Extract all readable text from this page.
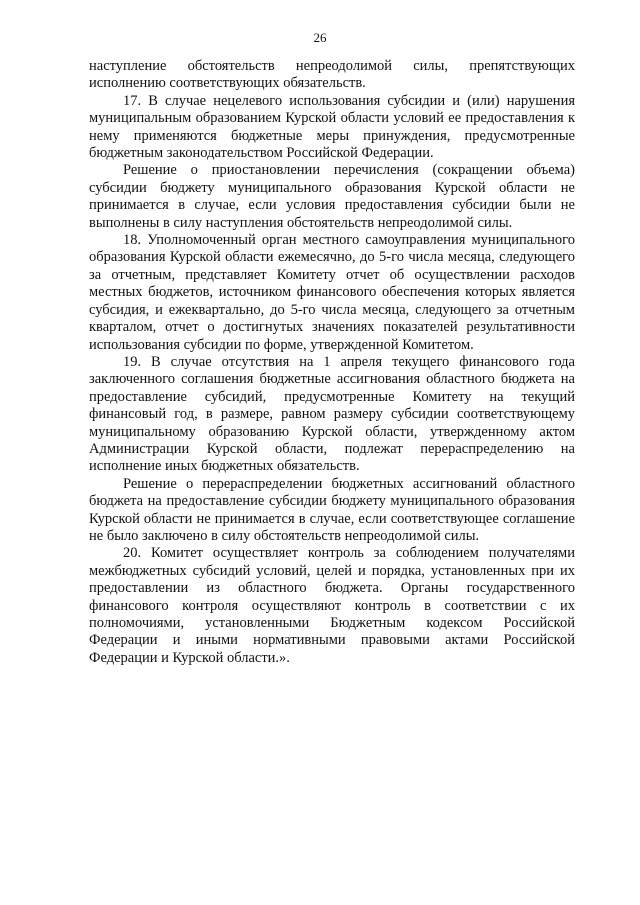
26

наступление обстоятельств непреодолимой силы, препятствующих исполнению соответствующих обязательств.

17. В случае нецелевого использования субсидии и (или) нарушения муниципальным образованием Курской области условий ее предоставления к нему применяются бюджетные меры принуждения, предусмотренные бюджетным законодательством Российской Федерации.

Решение о приостановлении перечисления (сокращении объема) субсидии бюджету муниципального образования Курской области не принимается в случае, если условия предоставления субсидии были не выполнены в силу наступления обстоятельств непреодолимой силы.

18. Уполномоченный орган местного самоуправления муниципального образования Курской области ежемесячно, до 5-го числа месяца, следующего за отчетным, представляет Комитету отчет об осуществлении расходов местных бюджетов, источником финансового обеспечения которых является субсидия, и ежеквартально, до 5-го числа месяца, следующего за отчетным кварталом, отчет о достигнутых значениях показателей результативности использования субсидии по форме, утвержденной Комитетом.

19. В случае отсутствия на 1 апреля текущего финансового года заключенного соглашения бюджетные ассигнования областного бюджета на предоставление субсидий, предусмотренные Комитету на текущий финансовый год, в размере, равном размеру субсидии соответствующему муниципальному образованию Курской области, утвержденному актом Администрации Курской области, подлежат перераспределению на исполнение иных бюджетных обязательств.

Решение о перераспределении бюджетных ассигнований областного бюджета на предоставление субсидии бюджету муниципального образования Курской области не принимается в случае, если соответствующее соглашение не было заключено в силу обстоятельств непреодолимой силы.

20. Комитет осуществляет контроль за соблюдением получателями межбюджетных субсидий условий, целей и порядка, установленных при их предоставлении из областного бюджета. Органы государственного финансового контроля осуществляют контроль в соответствии с их полномочиями, установленными Бюджетным кодексом Российской Федерации и иными нормативными правовыми актами Российской Федерации и Курской области.».
